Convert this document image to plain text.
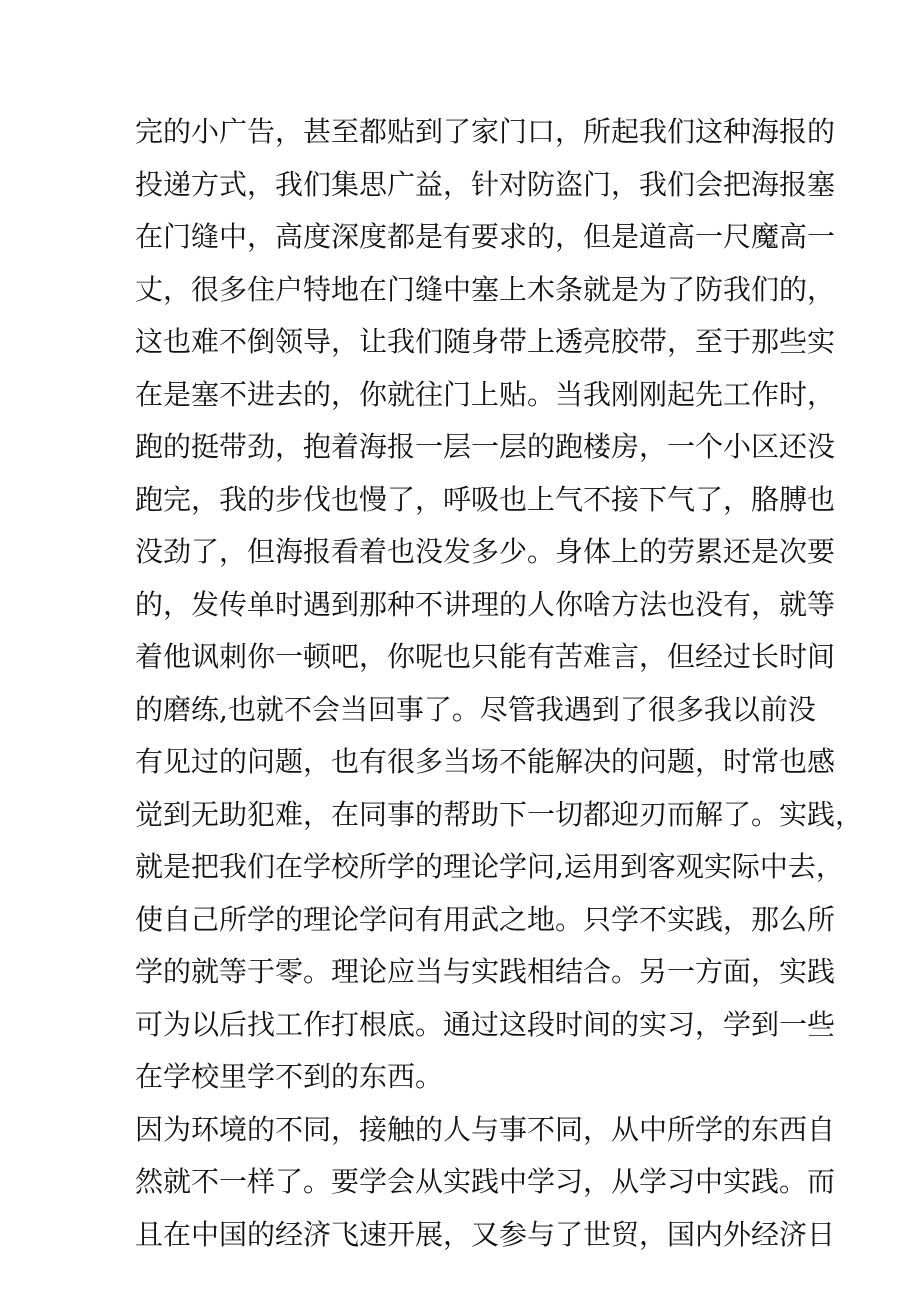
完的小广告，甚至都贴到了家门口，所起我们这种海报的
投递方式，我们集思广益，针对防盗门，我们会把海报塞
在门缝中，高度深度都是有要求的，但是道高一尺魔高一
丈，很多住户特地在门缝中塞上木条就是为了防我们的，
这也难不倒领导，让我们随身带上透亮胶带，至于那些实
在是塞不进去的，你就往门上贴。当我刚刚起先工作时，
跑的挺带劲，抱着海报一层一层的跑楼房，一个小区还没
跑完，我的步伐也慢了，呼吸也上气不接下气了，胳膊也
没劲了，但海报看着也没发多少。身体上的劳累还是次要
的，发传单时遇到那种不讲理的人你啥方法也没有，就等
着他讽刺你一顿吧，你呢也只能有苦难言，但经过长时间
的磨练,也就不会当回事了。尽管我遇到了很多我以前没
有见过的问题，也有很多当场不能解决的问题，时常也感
觉到无助犯难，在同事的帮助下一切都迎刃而解了。实践，
就是把我们在学校所学的理论学问,运用到客观实际中去，
使自己所学的理论学问有用武之地。只学不实践，那么所
学的就等于零。理论应当与实践相结合。另一方面，实践
可为以后找工作打根底。通过这段时间的实习，学到一些
在学校里学不到的东西。
因为环境的不同，接触的人与事不同，从中所学的东西自
然就不一样了。要学会从实践中学习，从学习中实践。而
且在中国的经济飞速开展，又参与了世贸，国内外经济日
